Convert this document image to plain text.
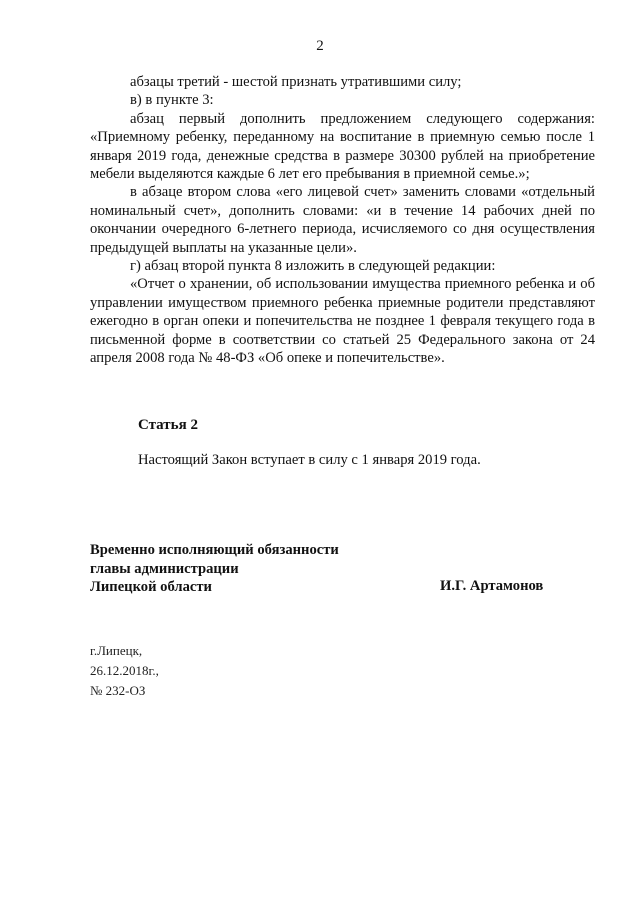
2

абзацы третий - шестой признать утратившими силу;

в) в пункте 3:

абзац первый дополнить предложением следующего содержания: «Приемному ребенку, переданному на воспитание в приемную семью после 1 января 2019 года, денежные средства в размере 30300 рублей на приобретение мебели выделяются каждые 6 лет его пребывания в приемной семье.»;

в абзаце втором слова «его лицевой счет» заменить словами «отдельный номинальный счет», дополнить словами: «и в течение 14 рабочих дней по окончании очередного 6-летнего периода, исчисляемого со дня осуществления предыдущей выплаты на указанные цели».

г) абзац второй пункта 8 изложить в следующей редакции:

«Отчет о хранении, об использовании имущества приемного ребенка и об управлении имуществом приемного ребенка приемные родители представляют ежегодно в орган опеки и попечительства не позднее 1 февраля текущего года в письменной форме в соответствии со статьей 25 Федерального закона от 24 апреля 2008 года № 48-ФЗ «Об опеке и попечительстве».

Статья 2
Настоящий Закон вступает в силу с 1 января 2019 года.
Временно исполняющий обязанности
главы администрации
Липецкой области	И.Г. Артамонов
г.Липецк,
26.12.2018г.,
№ 232-ОЗ
